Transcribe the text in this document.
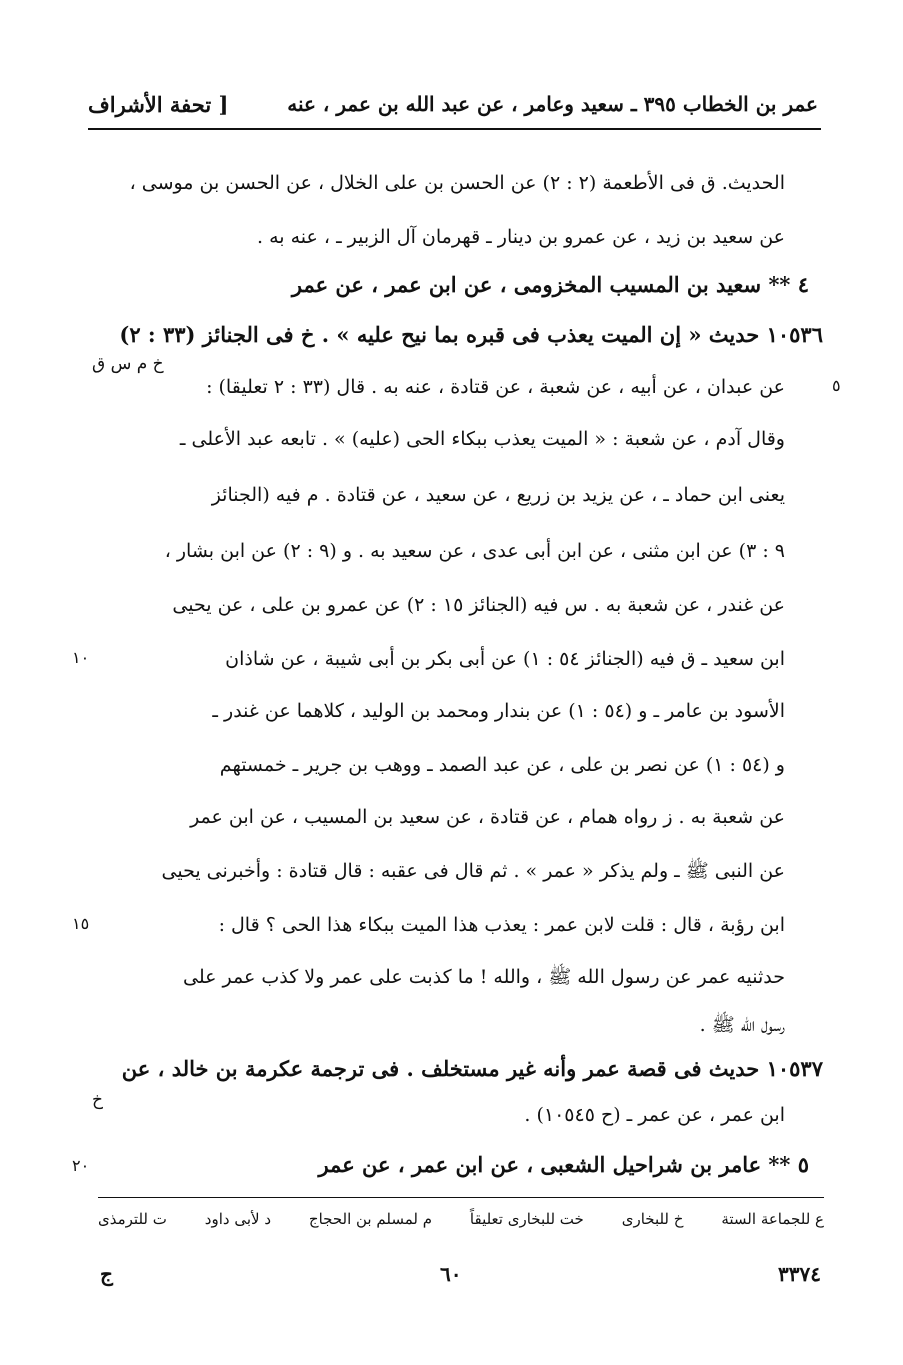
عمر بن الخطاب ٣٩٥ ـ سعيد وعامر ، عن عبد الله بن عمر ، عنه
[ تحفة الأشراف
الحديث. ق فى الأطعمة (٢ : ٢) عن الحسن بن على الخلال ، عن الحسن بن موسى ،
عن سعيد بن زيد ، عن عمرو بن دينار ـ قهرمان آل الزبير ـ ، عنه به .
٤ ** سعيد بن المسيب المخزومى ، عن ابن عمر ، عن عمر
١٠٥٣٦ حديث « إن الميت يعذب فى قبره بما نيح عليه » . خ فى الجنائز (٣٣ : ٢)
عن عبدان ، عن أبيه ، عن شعبة ، عن قتادة ، عنه به . قال (٣٣ : ٢ تعليقا) :
وقال آدم ، عن شعبة : « الميت يعذب ببكاء الحى (عليه) » . تابعه عبد الأعلى ـ
يعنى ابن حماد ـ ، عن يزيد بن زريع ، عن سعيد ، عن قتادة . م فيه (الجنائز
٩ : ٣) عن ابن مثنى ، عن ابن أبى عدى ، عن سعيد به . و (٩ : ٢) عن ابن بشار ،
عن غندر ، عن شعبة به . س فيه (الجنائز ١٥ : ٢) عن عمرو بن على ، عن يحيى
ابن سعيد ـ ق فيه (الجنائز ٥٤ : ١) عن أبى بكر بن أبى شيبة ، عن شاذان
الأسود بن عامر ـ و (٥٤ : ١) عن بندار ومحمد بن الوليد ، كلاهما عن غندر ـ
و (٥٤ : ١) عن نصر بن على ، عن عبد الصمد ـ ووهب بن جرير ـ خمستهم
عن شعبة به . ز رواه همام ، عن قتادة ، عن سعيد بن المسيب ، عن ابن عمر
عن النبى ﷺ ـ ولم يذكر « عمر » . ثم قال فى عقبه : قال قتادة : وأخبرنى يحيى
ابن رؤبة ، قال : قلت لابن عمر : يعذب هذا الميت ببكاء هذا الحى ؟ قال :
حدثنيه عمر عن رسول الله ﷺ ، والله ! ما كذبت على عمر ولا كذب عمر على
رسول الله ﷺ .
١٠٥٣٧ حديث فى قصة عمر وأنه غير مستخلف . فى ترجمة عكرمة بن خالد ، عن
ابن عمر ، عن عمر ـ (ح ١٠٥٤٥) .
٥ ** عامر بن شراحيل الشعبى ، عن ابن عمر ، عن عمر
خ م س ق
خ
٥
١٠
١٥
٢٠
ع للجماعة الستة
خ للبخارى
خت للبخارى تعليقاً
م لمسلم بن الحجاج
د لأبى داود
ت للترمذى
٣٣٧٤
٦٠
ج
